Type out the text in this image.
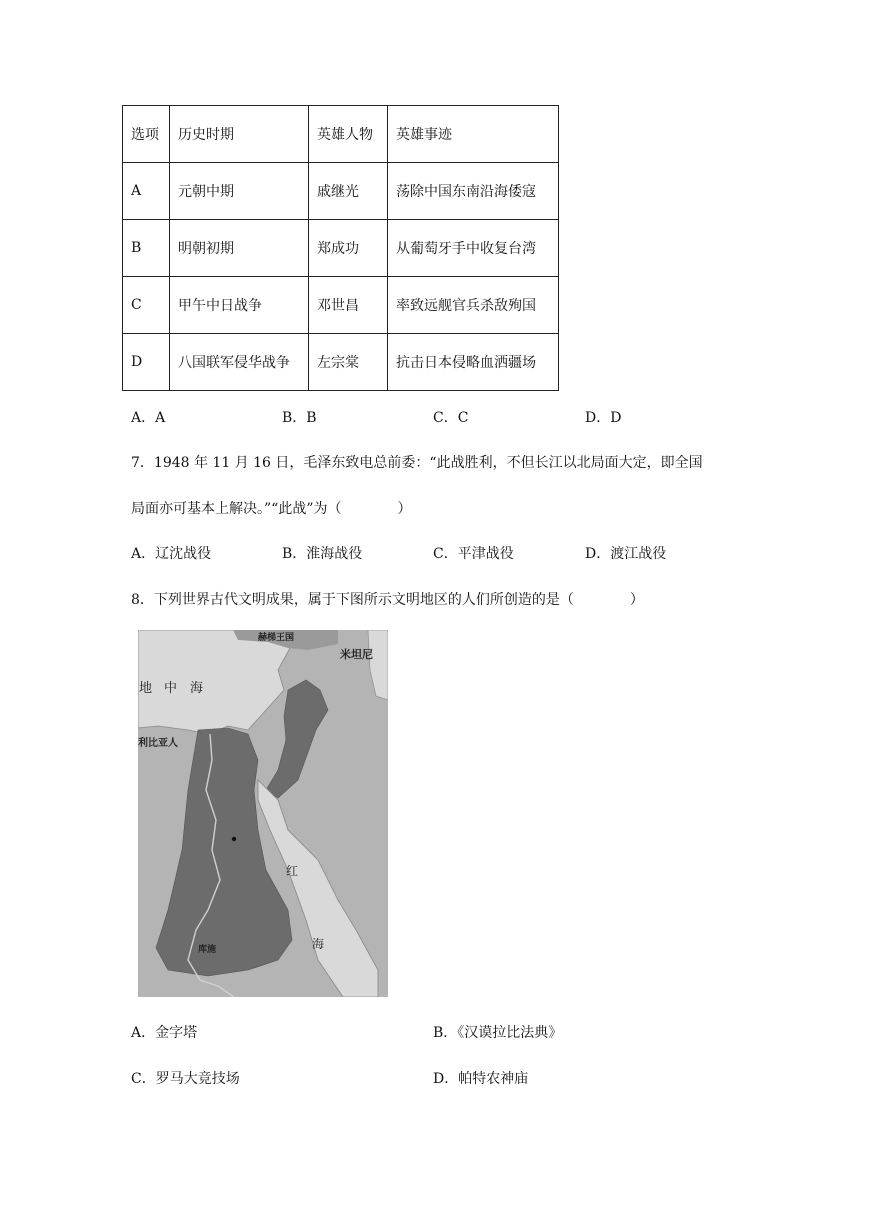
选项	历史时期	英雄人物	英雄事迹
A	元朝中期	戚继光	荡除中国东南沿海倭寇
B	明朝初期	郑成功	从葡萄牙手中收复台湾
C	甲午中日战争	邓世昌	率致远舰官兵杀敌殉国
D	八国联军侵华战争	左宗棠	抗击日本侵略血洒疆场
A．A	B．B	C．C	D．D
7．1948 年 11 月 16 日，毛泽东致电总前委：“此战胜利，不但长江以北局面大定，即全国
局面亦可基本上解决。”“此战”为（　　　　）
A．辽沈战役	B．淮海战役	C．平津战役	D．渡江战役
8．下列世界古代文明成果，属于下图所示文明地区的人们所创造的是（　　　　）
地 中　海
利比亚人
赫梯王国
米坦尼
红
海
库施
A．金字塔	B．《汉谟拉比法典》
C．罗马大竞技场	D．帕特农神庙
